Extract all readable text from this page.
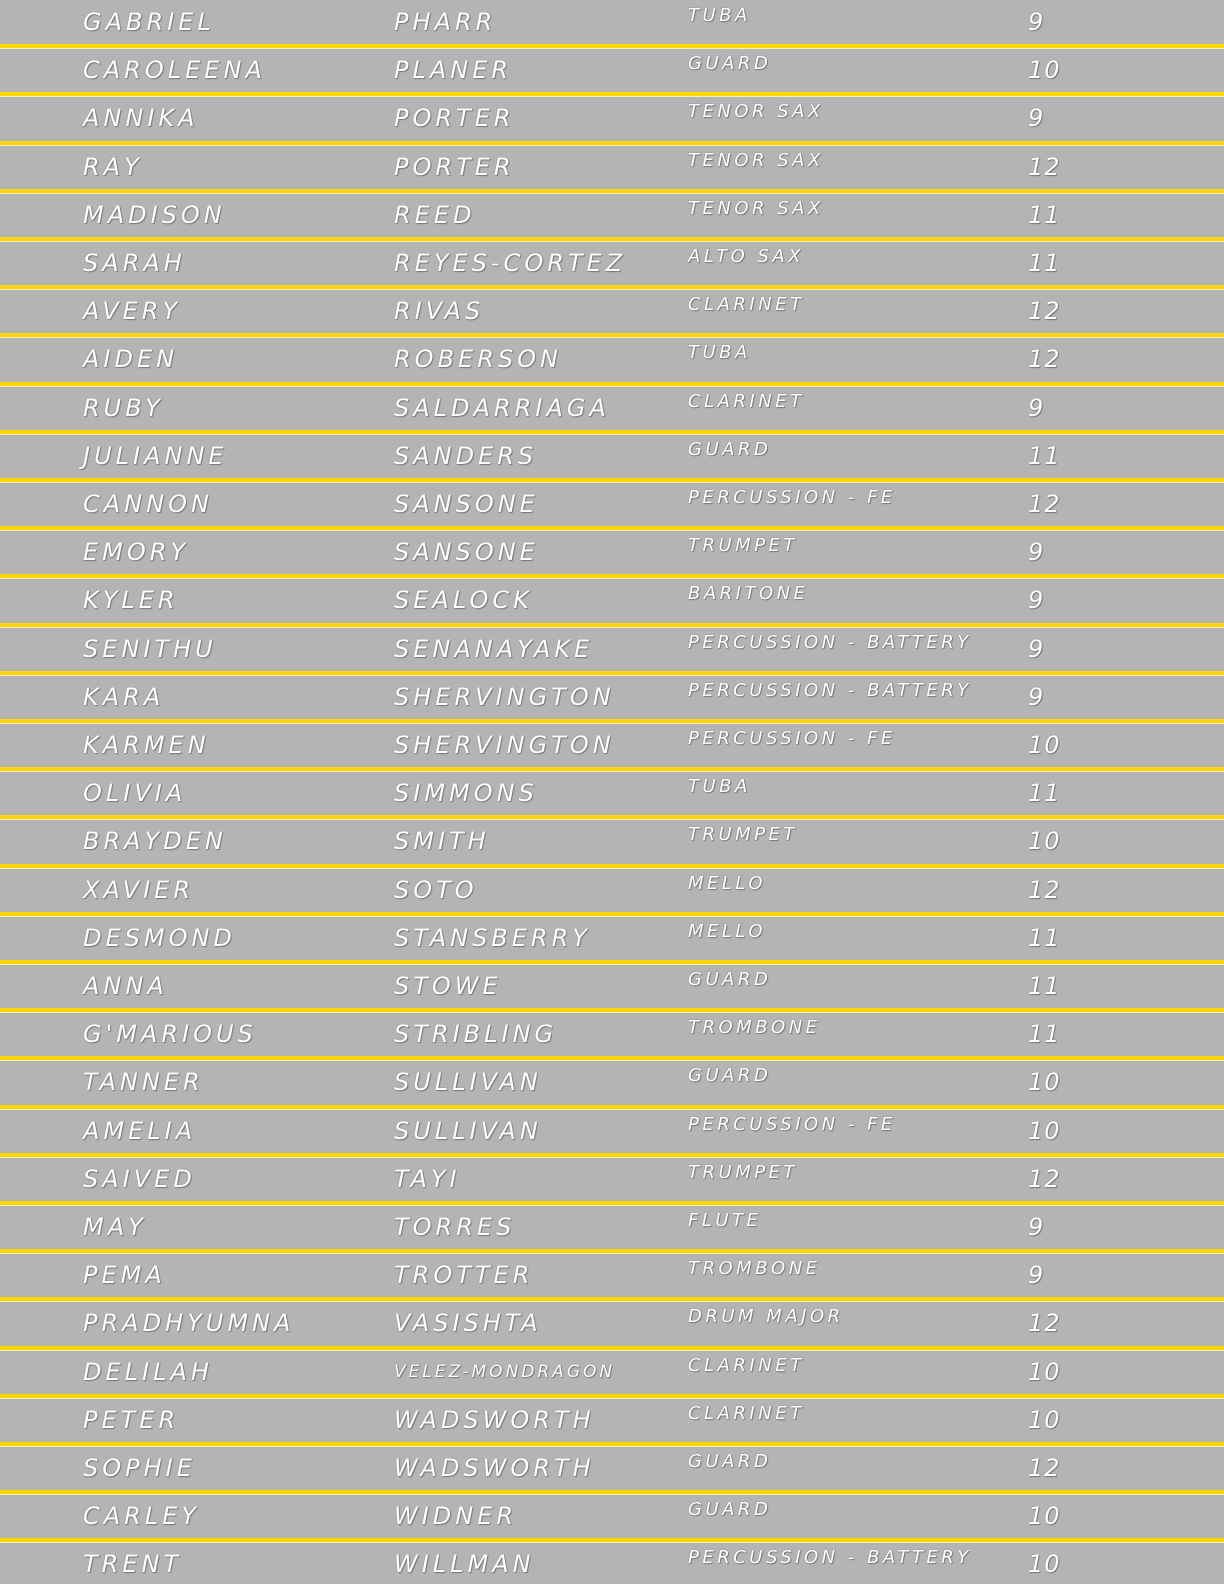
GABRIEL	PHARR	TUBA	9
CAROLEENA	PLANER	GUARD	10
ANNIKA	PORTER	TENOR SAX	9
RAY	PORTER	TENOR SAX	12
MADISON	REED	TENOR SAX	11
SARAH	REYES-CORTEZ	ALTO SAX	11
AVERY	RIVAS	CLARINET	12
AIDEN	ROBERSON	TUBA	12
RUBY	SALDARRIAGA	CLARINET	9
JULIANNE	SANDERS	GUARD	11
CANNON	SANSONE	PERCUSSION - FE	12
EMORY	SANSONE	TRUMPET	9
KYLER	SEALOCK	BARITONE	9
SENITHU	SENANAYAKE	PERCUSSION - BATTERY 9
KARA	SHERVINGTON	PERCUSSION - BATTERY 9
KARMEN	SHERVINGTON	PERCUSSION - FE	10
OLIVIA	SIMMONS	TUBA	11
BRAYDEN	SMITH	TRUMPET	10
XAVIER	SOTO	MELLO	12
DESMOND	STANSBERRY	MELLO	11
ANNA	STOWE	GUARD	11
G'MARIOUS	STRIBLING	TROMBONE	11
TANNER	SULLIVAN	GUARD	10
AMELIA	SULLIVAN	PERCUSSION - FE	10
SAIVED	TAYI	TRUMPET	12
MAY	TORRES	FLUTE	9
PEMA	TROTTER	TROMBONE	9
PRADHYUMNA	VASISHTA	DRUM MAJOR	12
DELILAH	VELEZ-MONDRAGON	CLARINET	10
PETER	WADSWORTH	CLARINET	10
SOPHIE	WADSWORTH	GUARD	12
CARLEY	WIDNER	GUARD	10
TRENT	WILLMAN	PERCUSSION - BATTERY 10
